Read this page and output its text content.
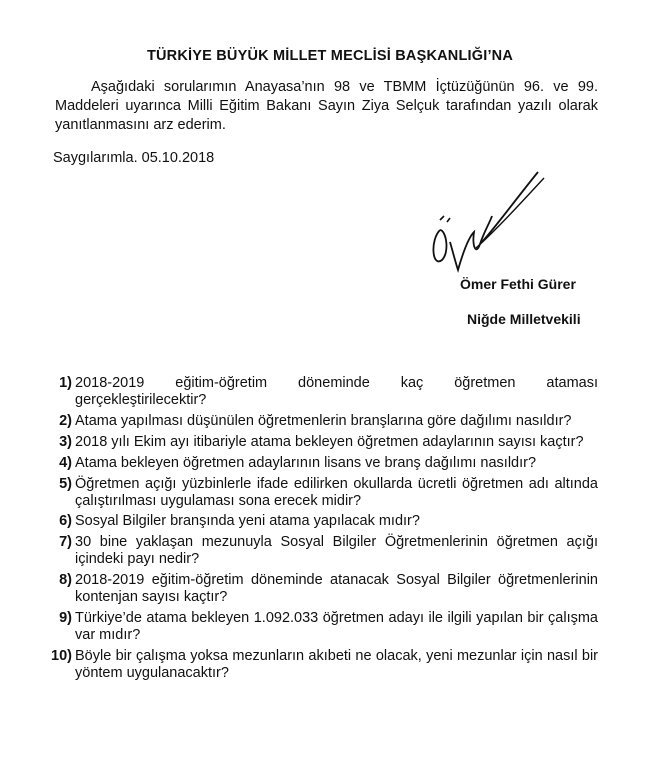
TÜRKİYE BÜYÜK MİLLET MECLİSİ BAŞKANLIĞI’NA
Aşağıdaki sorularımın Anayasa’nın 98 ve TBMM İçtüzüğünün 96. ve 99. Maddeleri uyarınca Milli Eğitim Bakanı Sayın Ziya Selçuk tarafından yazılı olarak yanıtlanmasını arz ederim.
Saygılarımla. 05.10.2018
Ömer Fethi Gürer
Niğde Milletvekili
1) 2018-2019 eğitim-öğretim döneminde kaç öğretmen ataması gerçekleştirilecektir?
2) Atama yapılması düşünülen öğretmenlerin branşlarına göre dağılımı nasıldır?
3) 2018 yılı Ekim ayı itibariyle atama bekleyen öğretmen adaylarının sayısı kaçtır?
4) Atama bekleyen öğretmen adaylarının lisans ve branş dağılımı nasıldır?
5) Öğretmen açığı yüzbinlerle ifade edilirken okullarda ücretli öğretmen adı altında çalıştırılması uygulaması sona erecek midir?
6) Sosyal Bilgiler branşında yeni atama yapılacak mıdır?
7) 30 bine yaklaşan mezunuyla Sosyal Bilgiler Öğretmenlerinin öğretmen açığı içindeki payı nedir?
8) 2018-2019 eğitim-öğretim döneminde atanacak Sosyal Bilgiler öğretmenlerinin kontenjan sayısı kaçtır?
9) Türkiye’de atama bekleyen 1.092.033 öğretmen adayı ile ilgili yapılan bir çalışma var mıdır?
10) Böyle bir çalışma yoksa mezunların akıbeti ne olacak, yeni mezunlar için nasıl bir yöntem uygulanacaktır?
